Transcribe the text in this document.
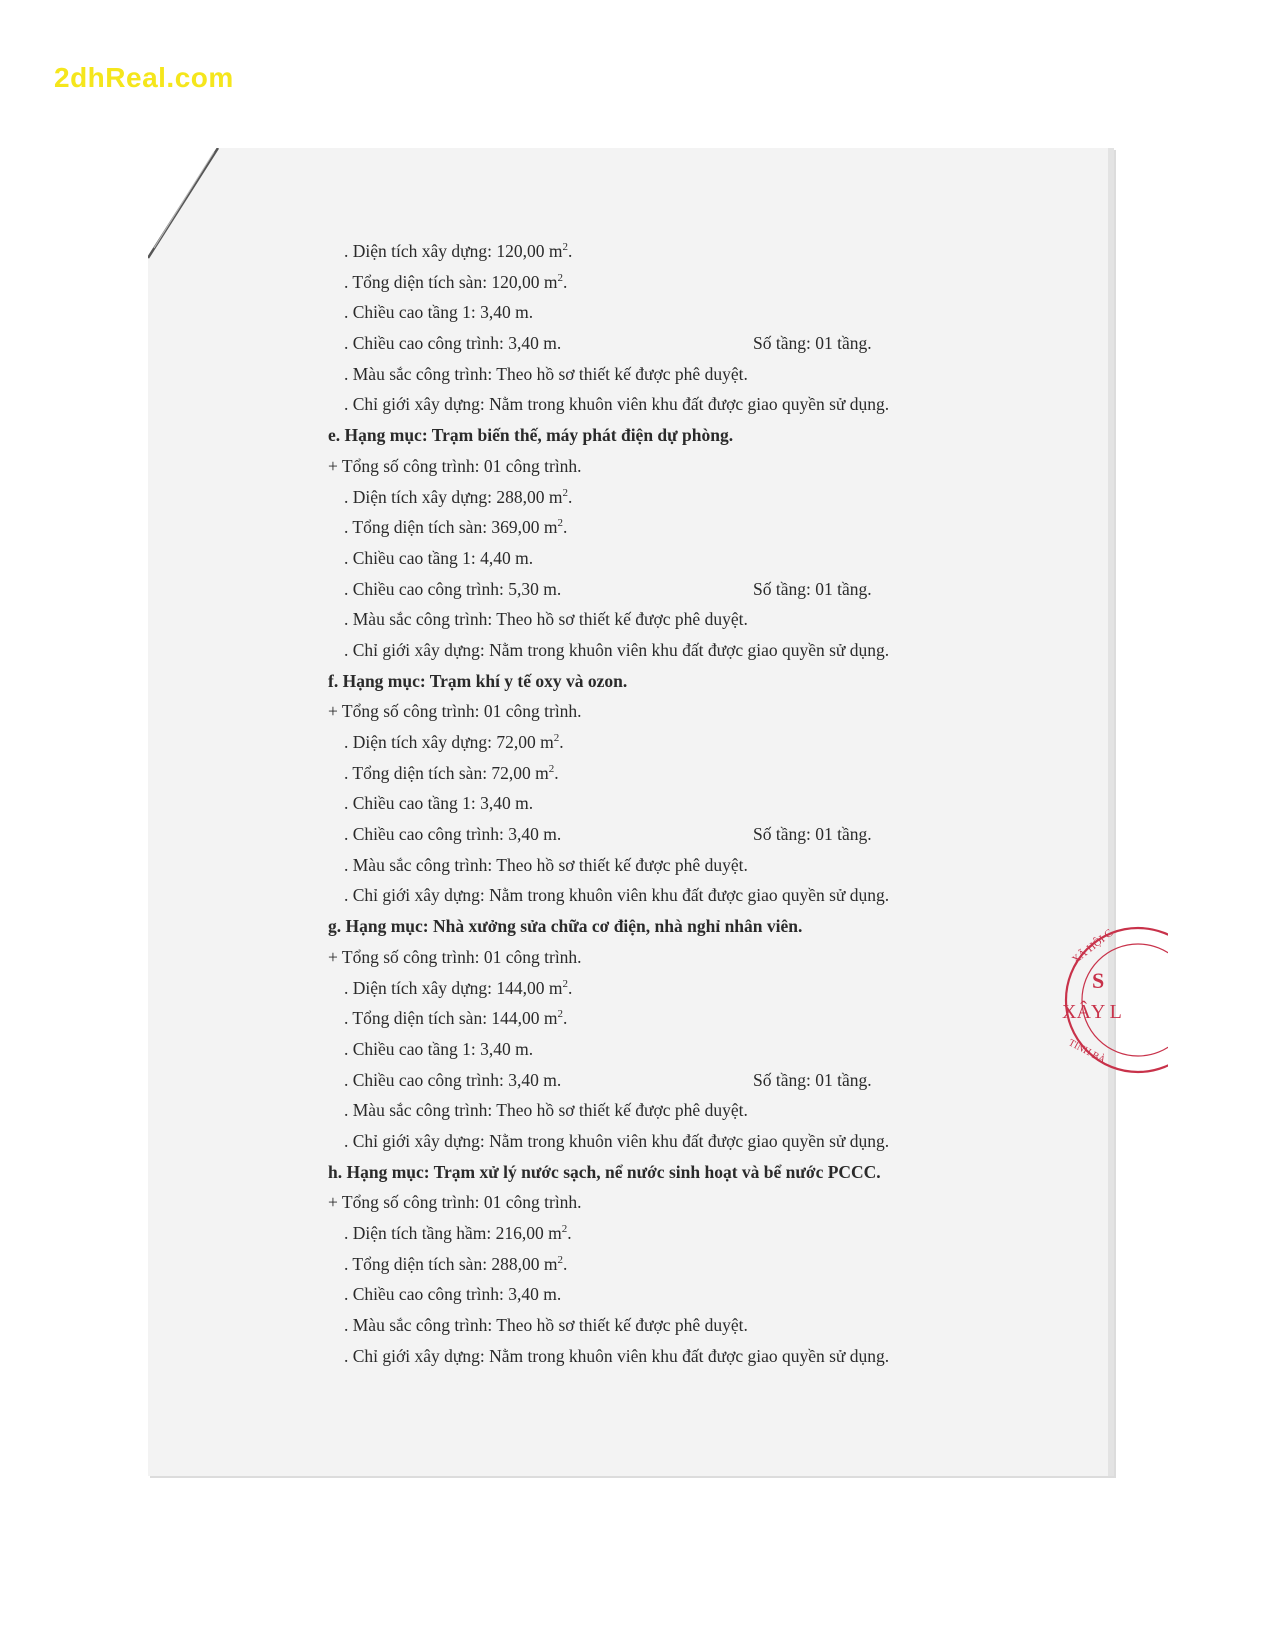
2dhReal.com
. Diện tích xây dựng: 120,00 $m^2$.
. Tổng diện tích sàn: 120,00 $m^2$.
. Chiều cao tầng 1: 3,40 m.
. Chiều cao công trình: 3,40 m.	Số tầng: 01 tầng.
. Màu sắc công trình: Theo hồ sơ thiết kế được phê duyệt.
. Chỉ giới xây dựng: Nằm trong khuôn viên khu đất được giao quyền sử dụng.
e. Hạng mục: Trạm biến thế, máy phát điện dự phòng.
+ Tổng số công trình: 01 công trình.
. Diện tích xây dựng: 288,00 $m^2$.
. Tổng diện tích sàn: 369,00 $m^2$.
. Chiều cao tầng 1: 4,40 m.
. Chiều cao công trình: 5,30 m.	Số tầng: 01 tầng.
. Màu sắc công trình: Theo hồ sơ thiết kế được phê duyệt.
. Chỉ giới xây dựng: Nằm trong khuôn viên khu đất được giao quyền sử dụng.
f. Hạng mục: Trạm khí y tế oxy và ozon.
+ Tổng số công trình: 01 công trình.
. Diện tích xây dựng: 72,00 $m^2$.
. Tổng diện tích sàn: 72,00 $m^2$.
. Chiều cao tầng 1: 3,40 m.
. Chiều cao công trình: 3,40 m.	Số tầng: 01 tầng.
. Màu sắc công trình: Theo hồ sơ thiết kế được phê duyệt.
. Chỉ giới xây dựng: Nằm trong khuôn viên khu đất được giao quyền sử dụng.
g. Hạng mục: Nhà xưởng sửa chữa cơ điện, nhà nghỉ nhân viên.
+ Tổng số công trình: 01 công trình.
. Diện tích xây dựng: 144,00 $m^2$.
. Tổng diện tích sàn: 144,00 $m^2$.
. Chiều cao tầng 1: 3,40 m.
. Chiều cao công trình: 3,40 m.	Số tầng: 01 tầng.
. Màu sắc công trình: Theo hồ sơ thiết kế được phê duyệt.
. Chỉ giới xây dựng: Nằm trong khuôn viên khu đất được giao quyền sử dụng.
h. Hạng mục: Trạm xử lý nước sạch, nể nước sinh hoạt và bể nước PCCC.
+ Tổng số công trình: 01 công trình.
. Diện tích tầng hầm: 216,00 $m^2$.
. Tổng diện tích sàn: 288,00 $m^2$.
. Chiều cao công trình: 3,40 m.
. Màu sắc công trình: Theo hồ sơ thiết kế được phê duyệt.
. Chỉ giới xây dựng: Nằm trong khuôn viên khu đất được giao quyền sử dụng.
XÃ HỘI C
S
XÂY L
TỈNH BÀ
